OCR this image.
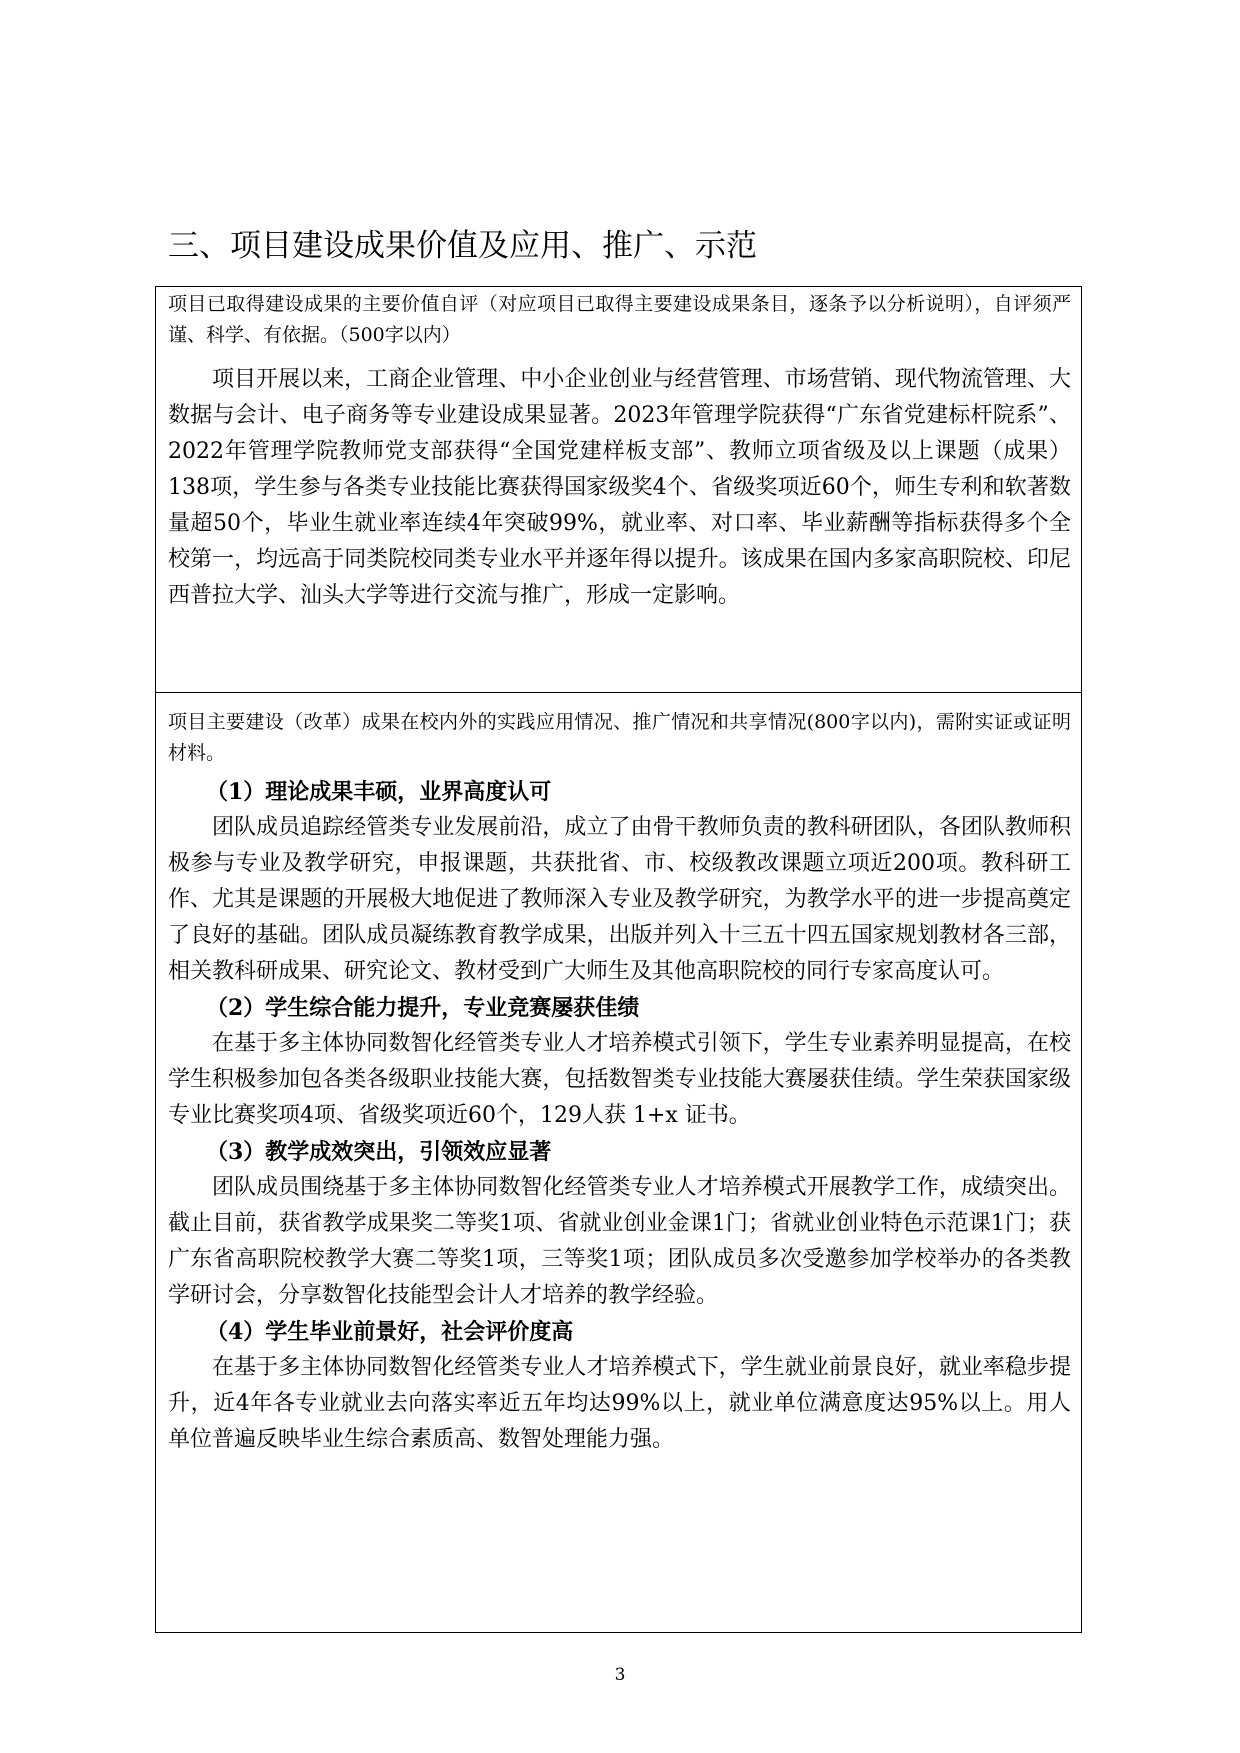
三、项目建设成果价值及应用、推广、示范
项目已取得建设成果的主要价值自评（对应项目已取得主要建设成果条目，逐条予以分析说明），自评须严谨、科学、有依据。（500字以内）

项目开展以来，工商企业管理、中小企业创业与经营管理、市场营销、现代物流管理、大数据与会计、电子商务等专业建设成果显著。2023年管理学院获得“广东省党建标杆院系”、2022年管理学院教师党支部获得“全国党建样板支部”、教师立项省级及以上课题（成果）138项，学生参与各类专业技能比赛获得国家级奖4个、省级奖项近60个，师生专利和软著数量超50个，毕业生就业率连续4年突破99%，就业率、对口率、毕业薪酬等指标获得多个全校第一，均远高于同类院校同类专业水平并逐年得以提升。该成果在国内多家高职院校、印尼西普拉大学、汕头大学等进行交流与推广，形成一定影响。

项目主要建设（改革）成果在校内外的实践应用情况、推广情况和共享情况(800字以内)，需附实证或证明材料。

（1）理论成果丰硕，业界高度认可

团队成员追踪经管类专业发展前沿，成立了由骨干教师负责的教科研团队，各团队教师积极参与专业及教学研究，申报课题，共获批省、市、校级教改课题立项近200项。教科研工作、尤其是课题的开展极大地促进了教师深入专业及教学研究，为教学水平的进一步提高奠定了良好的基础。团队成员凝练教育教学成果，出版并列入十三五十四五国家规划教材各三部，相关教科研成果、研究论文、教材受到广大师生及其他高职院校的同行专家高度认可。

（2）学生综合能力提升，专业竞赛屡获佳绩

在基于多主体协同数智化经管类专业人才培养模式引领下，学生专业素养明显提高，在校学生积极参加包各类各级职业技能大赛，包括数智类专业技能大赛屡获佳绩。学生荣获国家级专业比赛奖项4项、省级奖项近60个，129人获 1+x 证书。

（3）教学成效突出，引领效应显著

团队成员围绕基于多主体协同数智化经管类专业人才培养模式开展教学工作，成绩突出。截止目前，获省教学成果奖二等奖1项、省就业创业金课1门；省就业创业特色示范课1门；获广东省高职院校教学大赛二等奖1项，三等奖1项；团队成员多次受邀参加学校举办的各类教学研讨会，分享数智化技能型会计人才培养的教学经验。

（4）学生毕业前景好，社会评价度高

在基于多主体协同数智化经管类专业人才培养模式下，学生就业前景良好，就业率稳步提升，近4年各专业就业去向落实率近五年均达99%以上，就业单位满意度达95%以上。用人单位普遍反映毕业生综合素质高、数智处理能力强。

3
